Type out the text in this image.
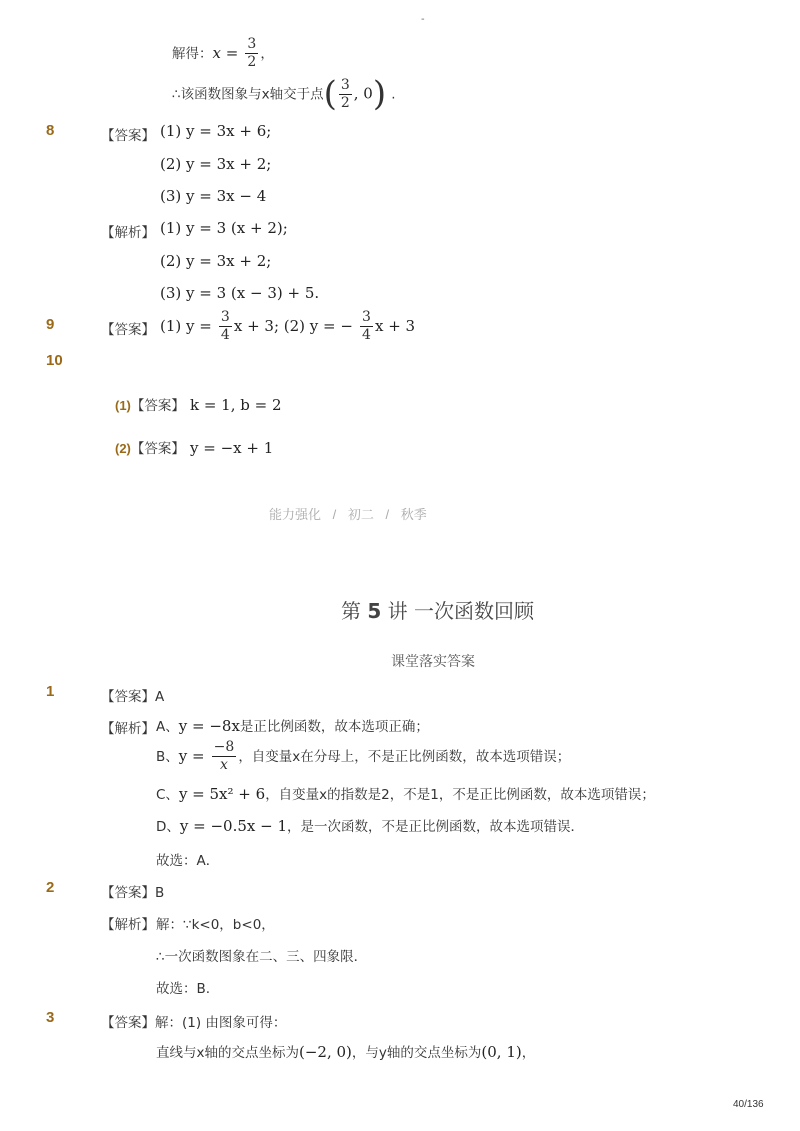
-
解得：$x = \frac{3}{2}$ ，
∴该函数图象与x轴交于点( $\frac{3}{2}$ , 0) .
8	【答案】 (1) y = 3x + 6;
(2) y = 3x + 2;
(3) y = 3x − 4
【解析】 (1) y = 3 (x + 2);
(2) y = 3x + 2;
(3) y = 3 (x − 3) + 5.
9	【答案】 (1) $y = \frac{3}{4}$ x + 3; (2) y = − $\frac{3}{4}$ x + 3
10
(1)【答案】 k = 1, b = 2
(2)【答案】 y = −x + 1
能力强化 / 初二 / 秋季
第 5 讲 一次函数回顾
课堂落实答案
1	【答案】A
【解析】 A、y = −8x是正比例函数，故本选项正确；
B、$y = \frac{-8}{x}$ ，自变量x在分母上，不是正比例函数，故本选项错误；
C、y = 5x² + 6，自变量x的指数是2，不是1，不是正比例函数，故本选项错误；
D、y = −0.5x − 1，是一次函数，不是正比例函数，故本选项错误．
故选：A．
2	【答案】B
【解析】 解：∵k<0，b<0，
∴一次函数图象在二、三、四象限．
故选：B.
3	【答案】解：(1) 由图象可得：
直线与x轴的交点坐标为(−2, 0)，与y轴的交点坐标为(0, 1)，
40/136
